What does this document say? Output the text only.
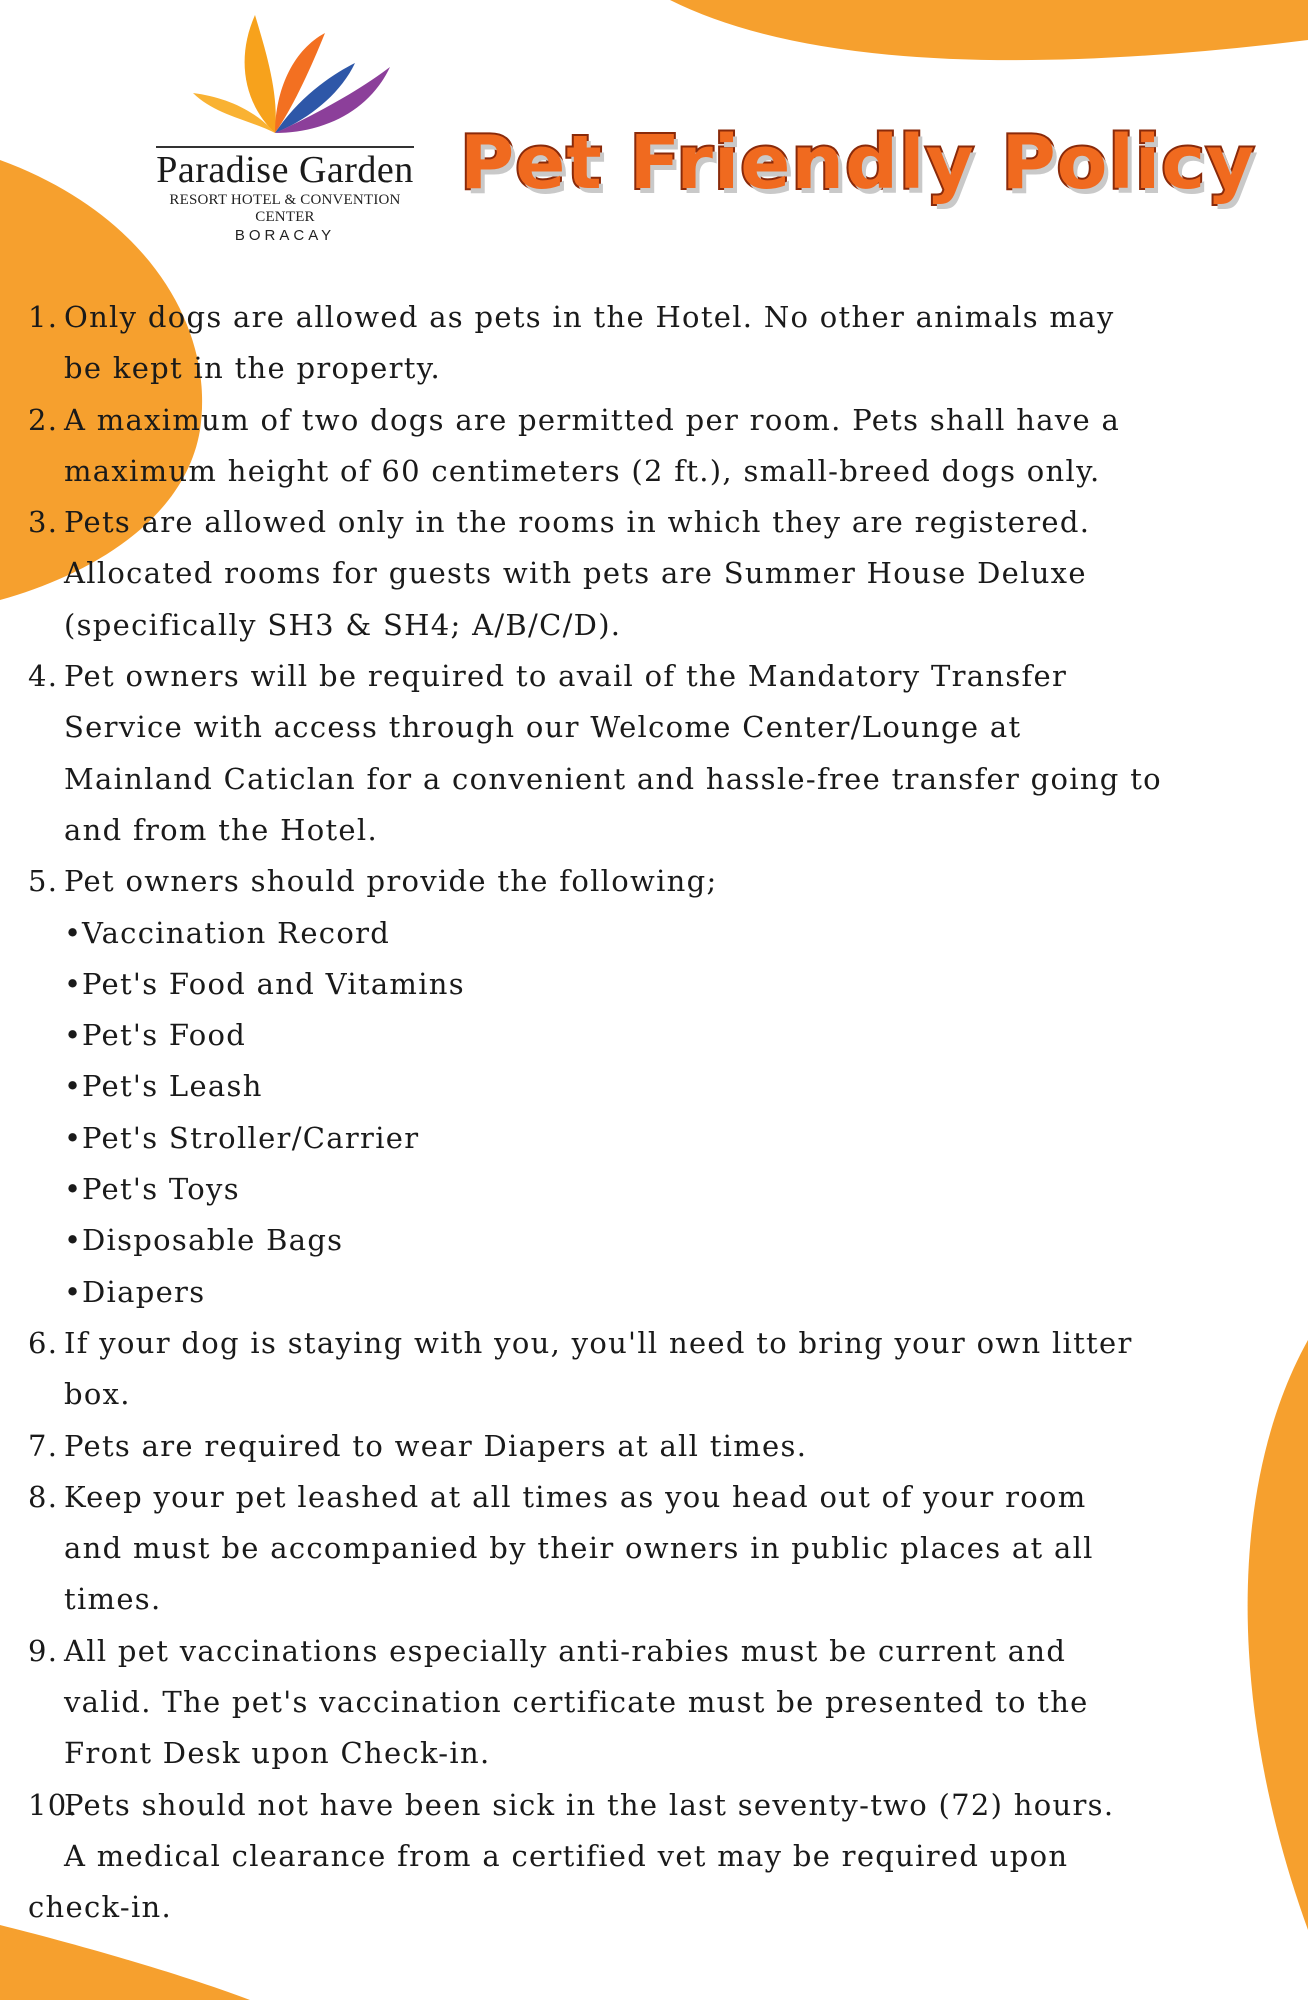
Paradise Garden
RESORT HOTEL & CONVENTION CENTER
BORACAY
Pet Friendly Policy
1. Only dogs are allowed as pets in the Hotel. No other animals may
be kept in the property.
2. A maximum of two dogs are permitted per room. Pets shall have a
maximum height of 60 centimeters (2 ft.), small-breed dogs only.
3. Pets are allowed only in the rooms in which they are registered.
Allocated rooms for guests with pets are Summer House Deluxe
(specifically SH3 & SH4; A/B/C/D).
4. Pet owners will be required to avail of the Mandatory Transfer
Service with access through our Welcome Center/Lounge at
Mainland Caticlan for a convenient and hassle-free transfer going to
and from the Hotel.
5. Pet owners should provide the following;
• Vaccination Record
• Pet's Food and Vitamins
• Pet's Food
• Pet's Leash
• Pet's Stroller/Carrier
• Pet's Toys
• Disposable Bags
• Diapers
6. If your dog is staying with you, you'll need to bring your own litter
box.
7. Pets are required to wear Diapers at all times.
8. Keep your pet leashed at all times as you head out of your room
and must be accompanied by their owners in public places at all
times.
9. All pet vaccinations especially anti-rabies must be current and
valid. The pet's vaccination certificate must be presented to the
Front Desk upon Check-in.
10.
Pets should not have been sick in the last seventy-two (72) hours.
A medical clearance from a certified vet may be required upon
check-in.
